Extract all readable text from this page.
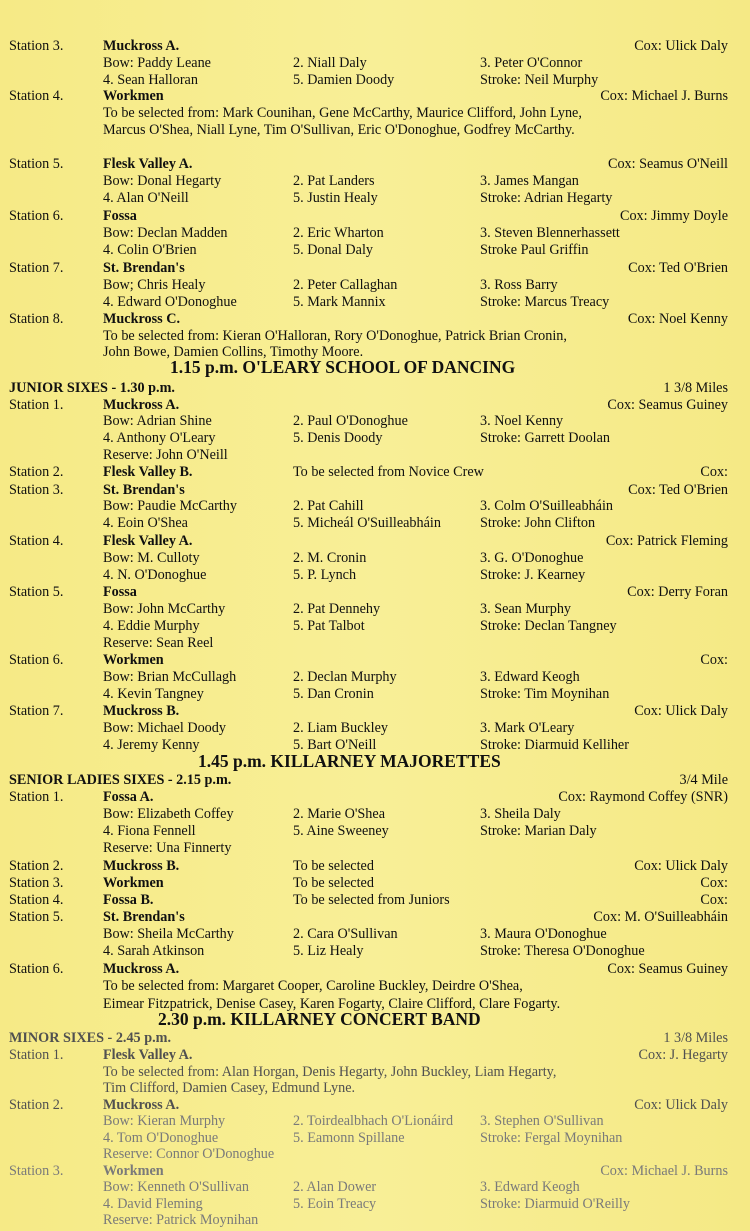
Station 3.	Muckross A.	Cox: Ulick Daly
Bow: Paddy Leane	2. Niall Daly	3. Peter O'Connor
4. Sean Halloran	5. Damien Doody	Stroke: Neil Murphy
Station 4.	Workmen	Cox: Michael J. Burns
To be selected from: Mark Counihan, Gene McCarthy, Maurice Clifford, John Lyne,
Marcus O'Shea, Niall Lyne, Tim O'Sullivan, Eric O'Donoghue, Godfrey McCarthy.
Station 5.	Flesk Valley A.	Cox: Seamus O'Neill
Bow: Donal Hegarty	2. Pat Landers	3. James Mangan
4. Alan O'Neill	5. Justin Healy	Stroke: Adrian Hegarty
Station 6.	Fossa	Cox: Jimmy Doyle
Bow: Declan Madden	2. Eric Wharton	3. Steven Blennerhassett
4. Colin O'Brien	5. Donal Daly	Stroke Paul Griffin
Station 7.	St. Brendan's	Cox: Ted O'Brien
Bow; Chris Healy	2. Peter Callaghan	3. Ross Barry
4. Edward O'Donoghue	5. Mark Mannix	Stroke: Marcus Treacy
Station 8.	Muckross C.	Cox: Noel Kenny
To be selected from: Kieran O'Halloran, Rory O'Donoghue, Patrick Brian Cronin,
John Bowe, Damien Collins, Timothy Moore.
1.15 p.m. O'LEARY SCHOOL OF DANCING
JUNIOR SIXES - 1.30 p.m.	1 3/8 Miles
Station 1.	Muckross A.	Cox: Seamus Guiney
Bow: Adrian Shine	2. Paul O'Donoghue	3. Noel Kenny
4. Anthony O'Leary	5. Denis Doody	Stroke: Garrett Doolan
Reserve: John O'Neill
Station 2.	Flesk Valley B.	To be selected from Novice Crew	Cox:
Station 3.	St. Brendan's	Cox: Ted O'Brien
Bow: Paudie McCarthy	2. Pat Cahill	3. Colm O'Suilleabháin
4. Eoin O'Shea	5. Micheál O'Suilleabháin	Stroke: John Clifton
Station 4.	Flesk Valley A.	Cox: Patrick Fleming
Bow: M. Culloty	2. M. Cronin	3. G. O'Donoghue
4. N. O'Donoghue	5. P. Lynch	Stroke: J. Kearney
Station 5.	Fossa	Cox: Derry Foran
Bow: John McCarthy	2. Pat Dennehy	3. Sean Murphy
4. Eddie Murphy	5. Pat Talbot	Stroke: Declan Tangney
Reserve: Sean Reel
Station 6.	Workmen	Cox:
Bow: Brian McCullagh	2. Declan Murphy	3. Edward Keogh
4. Kevin Tangney	5. Dan Cronin	Stroke: Tim Moynihan
Station 7.	Muckross B.	Cox: Ulick Daly
Bow: Michael Doody	2. Liam Buckley	3. Mark O'Leary
4. Jeremy Kenny	5. Bart O'Neill	Stroke: Diarmuid Kelliher
1.45 p.m. KILLARNEY MAJORETTES
SENIOR LADIES SIXES - 2.15 p.m.	3/4 Mile
Station 1.	Fossa A.	Cox: Raymond Coffey (SNR)
Bow: Elizabeth Coffey	2. Marie O'Shea	3. Sheila Daly
4. Fiona Fennell	5. Aine Sweeney	Stroke: Marian Daly
Reserve: Una Finnerty
Station 2.	Muckross B.	To be selected	Cox: Ulick Daly
Station 3.	Workmen	To be selected	Cox:
Station 4.	Fossa B.	To be selected from Juniors	Cox:
Station 5.	St. Brendan's	Cox: M. O'Suilleabháin
Bow: Sheila McCarthy	2. Cara O'Sullivan	3. Maura O'Donoghue
4. Sarah Atkinson	5. Liz Healy	Stroke: Theresa O'Donoghue
Station 6.	Muckross A.	Cox: Seamus Guiney
To be selected from: Margaret Cooper, Caroline Buckley, Deirdre O'Shea,
Eimear Fitzpatrick, Denise Casey, Karen Fogarty, Claire Clifford, Clare Fogarty.
2.30 p.m. KILLARNEY CONCERT BAND
MINOR SIXES - 2.45 p.m.	1 3/8 Miles
Station 1.	Flesk Valley A.	Cox: J. Hegarty
To be selected from: Alan Horgan, Denis Hegarty, John Buckley, Liam Hegarty,
Tim Clifford, Damien Casey, Edmund Lyne.
Station 2.	Muckross A.	Cox: Ulick Daly
Bow: Kieran Murphy	2. Toirdealbhach O'Lionáird 3. Stephen O'Sullivan
4. Tom O'Donoghue	5. Eamonn Spillane	Stroke: Fergal Moynihan
Reserve: Connor O'Donoghue
Station 3.	Workmen	Cox: Michael J. Burns
Bow: Kenneth O'Sullivan	2. Alan Dower	3. Edward Keogh
4. David Fleming	5. Eoin Treacy	Stroke: Diarmuid O'Reilly
Reserve: Patrick Moynihan
